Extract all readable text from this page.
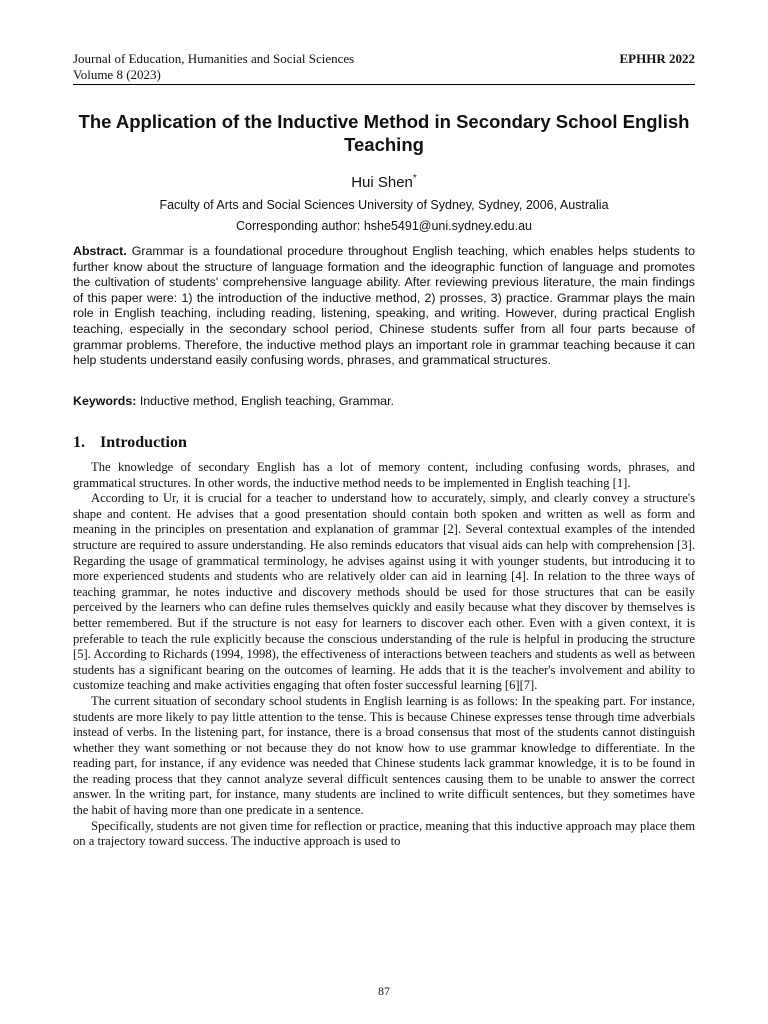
Journal of Education, Humanities and Social Sciences
Volume 8 (2023)
EPHHR 2022
The Application of the Inductive Method in Secondary School English Teaching
Hui Shen*
Faculty of Arts and Social Sciences University of Sydney, Sydney, 2006, Australia
Corresponding author: hshe5491@uni.sydney.edu.au
Abstract. Grammar is a foundational procedure throughout English teaching, which enables helps students to further know about the structure of language formation and the ideographic function of language and promotes the cultivation of students' comprehensive language ability. After reviewing previous literature, the main findings of this paper were: 1) the introduction of the inductive method, 2) prosses, 3) practice. Grammar plays the main role in English teaching, including reading, listening, speaking, and writing. However, during practical English teaching, especially in the secondary school period, Chinese students suffer from all four parts because of grammar problems. Therefore, the inductive method plays an important role in grammar teaching because it can help students understand easily confusing words, phrases, and grammatical structures.
Keywords: Inductive method, English teaching, Grammar.
1. Introduction

The knowledge of secondary English has a lot of memory content, including confusing words, phrases, and grammatical structures. In other words, the inductive method needs to be implemented in English teaching [1].

According to Ur, it is crucial for a teacher to understand how to accurately, simply, and clearly convey a structure's shape and content. He advises that a good presentation should contain both spoken and written as well as form and meaning in the principles on presentation and explanation of grammar [2]. Several contextual examples of the intended structure are required to assure understanding. He also reminds educators that visual aids can help with comprehension [3]. Regarding the usage of grammatical terminology, he advises against using it with younger students, but introducing it to more experienced students and students who are relatively older can aid in learning [4]. In relation to the three ways of teaching grammar, he notes inductive and discovery methods should be used for those structures that can be easily perceived by the learners who can define rules themselves quickly and easily because what they discover by themselves is better remembered. But if the structure is not easy for learners to discover each other. Even with a given context, it is preferable to teach the rule explicitly because the conscious understanding of the rule is helpful in producing the structure [5]. According to Richards (1994, 1998), the effectiveness of interactions between teachers and students as well as between students has a significant bearing on the outcomes of learning. He adds that it is the teacher's involvement and ability to customize teaching and make activities engaging that often foster successful learning [6][7].

The current situation of secondary school students in English learning is as follows: In the speaking part. For instance, students are more likely to pay little attention to the tense. This is because Chinese expresses tense through time adverbials instead of verbs. In the listening part, for instance, there is a broad consensus that most of the students cannot distinguish whether they want something or not because they do not know how to use grammar knowledge to differentiate. In the reading part, for instance, if any evidence was needed that Chinese students lack grammar knowledge, it is to be found in the reading process that they cannot analyze several difficult sentences causing them to be unable to answer the correct answer. In the writing part, for instance, many students are inclined to write difficult sentences, but they sometimes have the habit of having more than one predicate in a sentence.

Specifically, students are not given time for reflection or practice, meaning that this inductive approach may place them on a trajectory toward success. The inductive approach is used to

87
